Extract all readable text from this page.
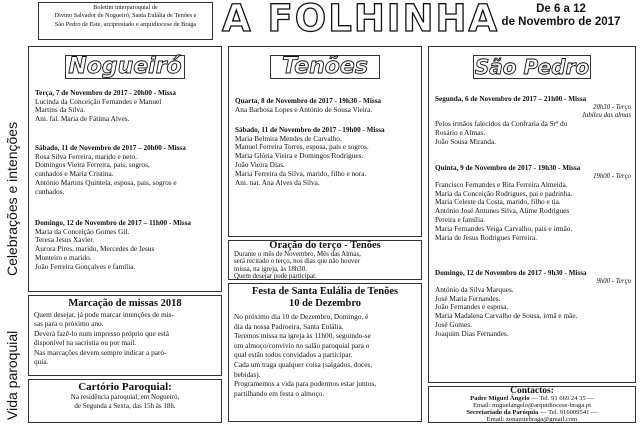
Boletim interparoquial de
Divino Salvador de Nogueiró, Santa Eulália de Tenões e
São Pedro de Este, arciprestado e arquidiocese de Braga A FOLHINHA	De 6 a 12
de Novembro de 2017
Celebrações e intenções
Vida paroquial
Nogueiró
Terça, 7 de Novembro de 2017 - 20h00 - Missa
Lucinda da Conceição Fernandes e Manuel
Martins da Silva.
Ani. fal. Maria de Fátima Alves.
Sábado, 11 de Novembro de 2017 – 20h00 - Missa
Rosa Silva Ferreira, marido e neto.
Domingos Vieira Ferreira, pais, sogros,
cunhados e Maria Cristina.
António Martins Quintela, esposa, pais, sogros e
cunhados.
Domingo, 12 de Novembro de 2017 – 11h00 - Missa
Maria da Conceição Gomes Gil.
Teresa Jesus Xavier.
Aurora Pires, marido, Mercedes de Jesus
Monteiro e marido.
João Ferreira Gonçalves e família.
Tenões
Quarta, 8 de Novembro de 2017 - 19h30 - Missa
Ana Barbosa Lopes e António de Sousa Vieira.
Sábado, 11 de Novembro de 2017 - 19h00 - Missa
Maria Belmira Mendes de Carvalho.
Manuel Ferreira Torres, esposa, pais e sogros.
Maria Glória Vieira e Domingos Rodrigues.
João Vieira Dias.
Maria Ferreira da Silva, marido, filho e nora.
Ani. nat. Ana Alves da Silva.
São Pedro
Segunda, 6 de Novembro de 2017 – 21h00 - Missa
20h30 - Terço
Jubileu das almas
Pelos irmãos falecidos da Confraria da Srª do
Rosário e Almas.
João Sousa Miranda.
Quinta, 9 de Novembro de 2017 - 19h30 - Missa
19h00 - Terço
Francisco Fernandes e Rita Ferreira Almeida.
Maria da Conceição Rodrigues, pai e padrinha.
Maria Celeste da Costa, marido, filho e tia.
António José Antunes Silva, Alime Rodrigues
Pereira e família.
Maria Fernandes Veiga Carvalho, pais e irmão.
Maria de Jesus Rodrigues Ferreira.
Domingo, 12 de Novembro de 2017 - 9h30 - Missa
9h00 - Terço
António da Silva Marques.
José Maria Fernandes.
João Fernandes e esposa.
Maria Madalena Carvalho de Sousa, irmã e mãe.
José Gomes.
Joaquim Dias Fernandes.
Marcação de missas 2018
Quem desejar, já pode marcar intenções de mis-
sas para o próximo ano.
Deverá fazê-lo num impresso próprio que está
disponível na sacristia ou por mail.
Nas marcações devem sempre indicar a paró-
quia.
Cartório Paroquial:
Na residência paroquial, em Nogueiró,
de Segunda a Sexta, das 15h às 18h.
Oração do terço - Tenões
Durante o mês de Novembro, Mês das Almas,
será recitado o terço, nos dias que não houver
missa, na igreja, às 18h30.
Quem desejar pode participar.
Festa de Santa Eulália de Tenões
10 de Dezembro
No próximo dia 10 de Dezembro, Domingo, é
dia da nossa Padroeira, Santa Eulália.
Teremos missa na igreja às 11h00, seguindo-se
um almoço/convívio no salão paroquial para o
qual estão todos convidados a participar.
Cada um traga qualquer coisa (salgados, doces,
bebidas).
Programemos a vida para podermos estar juntos,
partilhando em festa o almoço.	Contactos:
Padre Miguel Ângelo — Tel. 91 669 24 35 —
Email: miguelangelo@arquidiocese-braga.pt
Secretariado da Paróquia — Tel. 916009541 —
Email: zonaestebraga@gmail.com
